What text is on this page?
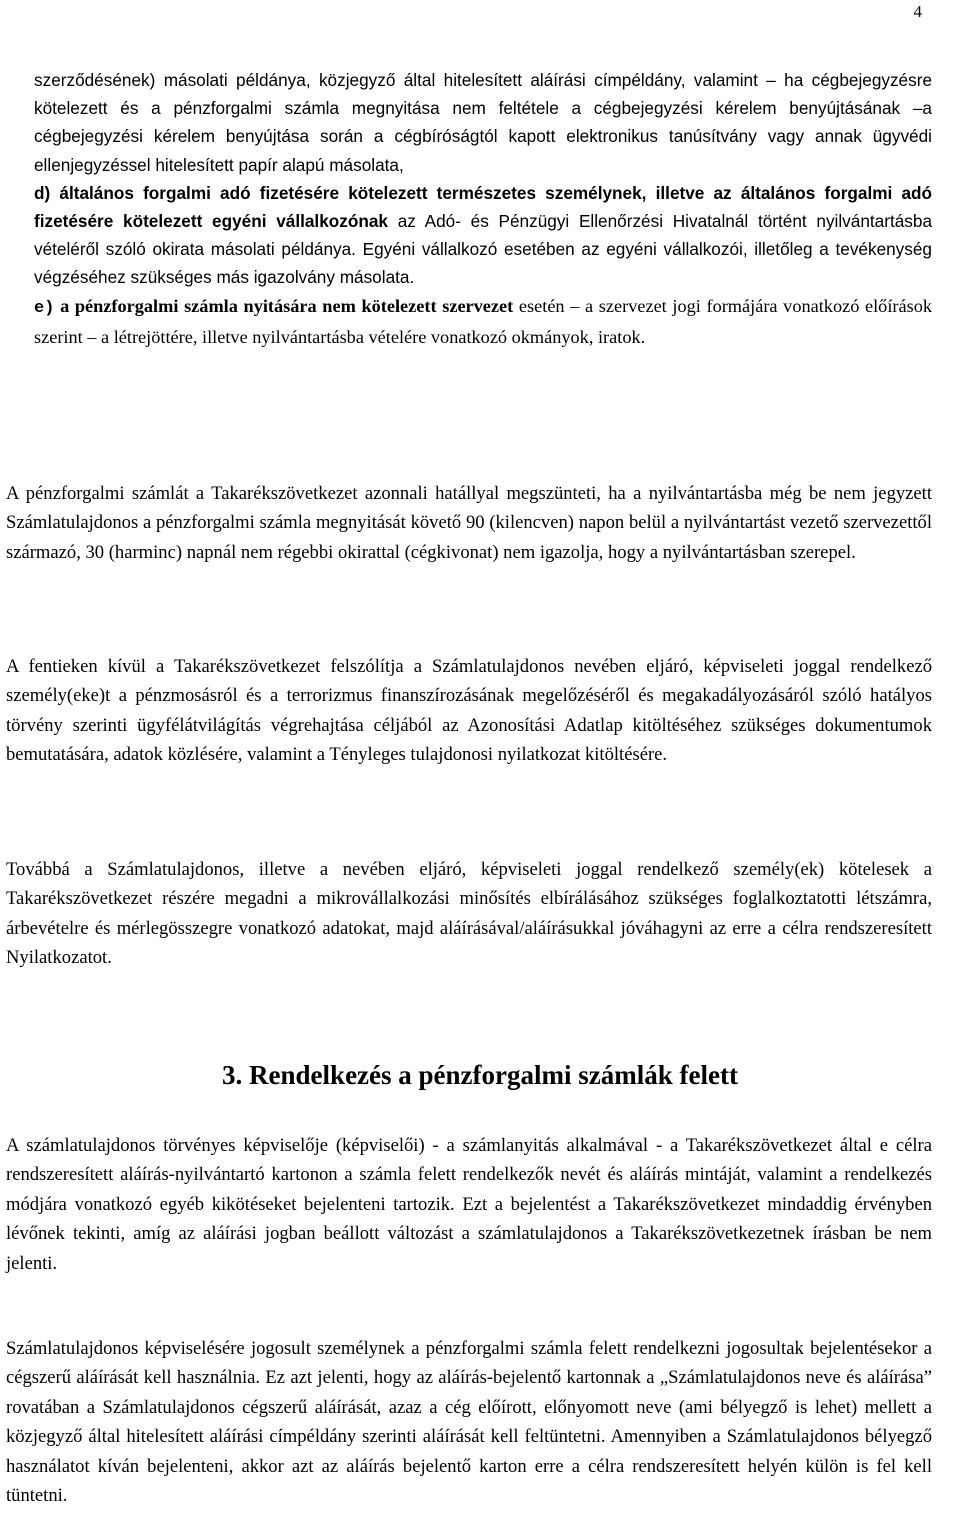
4
szerződésének) másolati példánya, közjegyző által hitelesített aláírási címpéldány, valamint – ha cégbejegyzésre kötelezett és a pénzforgalmi számla megnyitása nem feltétele a cégbejegyzési kérelem benyújtásának –a cégbejegyzési kérelem benyújtása során a cégbíróságtól kapott elektronikus tanúsítvány vagy annak ügyvédi ellenjegyzéssel hitelesített papír alapú másolata,
d) általános forgalmi adó fizetésére kötelezett természetes személynek, illetve az általános forgalmi adó fizetésére kötelezett egyéni vállalkozónak az Adó- és Pénzügyi Ellenőrzési Hivatalnál történt nyilvántartásba vételéről szóló okirata másolati példánya. Egyéni vállalkozó esetében az egyéni vállalkozói, illetőleg a tevékenység végzéséhez szükséges más igazolvány másolata.
e) a pénzforgalmi számla nyitására nem kötelezett szervezet esetén – a szervezet jogi formájára vonatkozó előírások szerint – a létrejöttére, illetve nyilvántartásba vételére vonatkozó okmányok, iratok.

A pénzforgalmi számlát a Takarékszövetkezet azonnali hatállyal megszünteti, ha a nyilvántartásba még be nem jegyzett Számlatulajdonos a pénzforgalmi számla megnyitását követő 90 (kilencven) napon belül a nyilvántartást vezető szervezettől származó, 30 (harminc) napnál nem régebbi okirattal (cégkivonat) nem igazolja, hogy a nyilvántartásban szerepel.

A fentieken kívül a Takarékszövetkezet felszólítja a Számlatulajdonos nevében eljáró, képviseleti joggal rendelkező személy(eke)t a pénzmosásról és a terrorizmus finanszírozásának megelőzéséről és megakadályozásáról szóló hatályos törvény szerinti ügyfélátvilágítás végrehajtása céljából az Azonosítási Adatlap kitöltéséhez szükséges dokumentumok bemutatására, adatok közlésére, valamint a Tényleges tulajdonosi nyilatkozat kitöltésére.

Továbbá a Számlatulajdonos, illetve a nevében eljáró, képviseleti joggal rendelkező személy(ek) kötelesek a Takarékszövetkezet részére megadni a mikrovállalkozási minősítés elbírálásához szükséges foglalkoztatotti létszámra, árbevételre és mérlegösszegre vonatkozó adatokat, majd aláírásával/aláírásukkal jóváhagyni az erre a célra rendszeresített Nyilatkozatot.

3. Rendelkezés a pénzforgalmi számlák felett

A számlatulajdonos törvényes képviselője (képviselői) - a számlanyitás alkalmával - a Takarékszövetkezet által e célra rendszeresített aláírás-nyilvántartó kartonon a számla felett rendelkezők nevét és aláírás mintáját, valamint a rendelkezés módjára vonatkozó egyéb kikötéseket bejelenteni tartozik. Ezt a bejelentést a Takarékszövetkezet mindaddig érvényben lévőnek tekinti, amíg az aláírási jogban beállott változást a számlatulajdonos a Takarékszövetkezetnek írásban be nem jelenti.

Számlatulajdonos képviselésére jogosult személynek a pénzforgalmi számla felett rendelkezni jogosultak bejelentésekor a cégszerű aláírását kell használnia. Ez azt jelenti, hogy az aláírás-bejelentő kartonnak a „Számlatulajdonos neve és aláírása” rovatában a Számlatulajdonos cégszerű aláírását, azaz a cég előírott, előnyomott neve (ami bélyegző is lehet) mellett a közjegyző által hitelesített aláírási címpéldány szerinti aláírását kell feltüntetni. Amennyiben a Számlatulajdonos bélyegző használatot kíván bejelenteni, akkor azt az aláírás bejelentő karton erre a célra rendszeresített helyén külön is fel kell tüntetni.
